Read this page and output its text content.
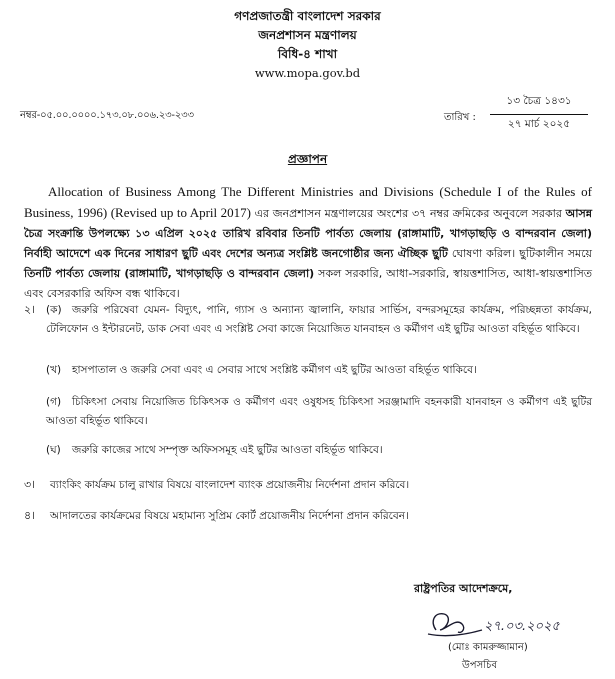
গণপ্রজাতন্ত্রী বাংলাদেশ সরকার
জনপ্রশাসন মন্ত্রণালয়
বিধি-৪ শাখা
www.mopa.gov.bd
নম্বর-০৫.০০.০০০০.১৭৩.০৮.০০৬.২৩-২৩৩	তারিখ :
১৩ চৈত্র ১৪৩১
২৭ মার্চ ২০২৫
প্রজ্ঞাপন
Allocation of Business Among The Different Ministries and Divisions (Schedule I of the Rules of Business, 1996) (Revised up to April 2017) এর জনপ্রশাসন মন্ত্রণালয়ের অংশের ৩৭ নম্বর ক্রমিকের অনুবলে সরকার আসন্ন চৈত্র সংক্রান্তি উপলক্ষ্যে ১৩ এপ্রিল ২০২৫ তারিখ রবিবার তিনটি পার্বত্য জেলায় (রাঙ্গামাটি, খাগড়াছড়ি ও বান্দরবান জেলা) নির্বাহী আদেশে এক দিনের সাধারণ ছুটি এবং দেশের অন্যত্র সংশ্লিষ্ট জনগোষ্ঠীর জন্য ঐচ্ছিক ছুটি ঘোষণা করিল। ছুটিকালীন সময়ে তিনটি পার্বত্য জেলায় (রাঙ্গামাটি, খাগড়াছড়ি ও বান্দরবান জেলা) সকল সরকারি, আধা-সরকারি, স্বায়ত্তশাসিত, আধা-স্বায়ত্তশাসিত এবং বেসরকারি অফিস বন্ধ থাকিবে।
২। (ক) জরুরি পরিষেবা যেমন- বিদ্যুৎ, পানি, গ্যাস ও অন্যান্য জ্বালানি, ফায়ার সার্ভিস, বন্দরসমূহের কার্যক্রম, পরিচ্ছন্নতা কার্যক্রম, টেলিফোন ও ইন্টারনেট, ডাক সেবা এবং এ সংশ্লিষ্ট সেবা কাজে নিয়োজিত যানবাহন ও কর্মীগণ এই ছুটির আওতা বহির্ভূত থাকিবে।
(খ) হাসপাতাল ও জরুরি সেবা এবং এ সেবার সাথে সংশ্লিষ্ট কর্মীগণ এই ছুটির আওতা বহির্ভূত থাকিবে।
(গ) চিকিৎসা সেবায় নিয়োজিত চিকিৎসক ও কর্মীগণ এবং ওষুধসহ চিকিৎসা সরঞ্জামাদি বহনকারী যানবাহন ও কর্মীগণ এই ছুটির আওতা বহির্ভূত থাকিবে।
(ঘ) জরুরি কাজের সাথে সম্পৃক্ত অফিসসমূহ এই ছুটির আওতা বহির্ভূত থাকিবে।
৩। ব্যাংকিং কার্যক্রম চালু রাখার বিষয়ে বাংলাদেশ ব্যাংক প্রয়োজনীয় নির্দেশনা প্রদান করিবে।
৪। আদালতের কার্যক্রমের বিষয়ে মহামান্য সুপ্রিম কোর্ট প্রয়োজনীয় নির্দেশনা প্রদান করিবেন।
রাষ্ট্রপতির আদেশক্রমে,
২৭.০৩.২০২৫
(মোঃ কামরুজ্জামান)
উপসচিব
